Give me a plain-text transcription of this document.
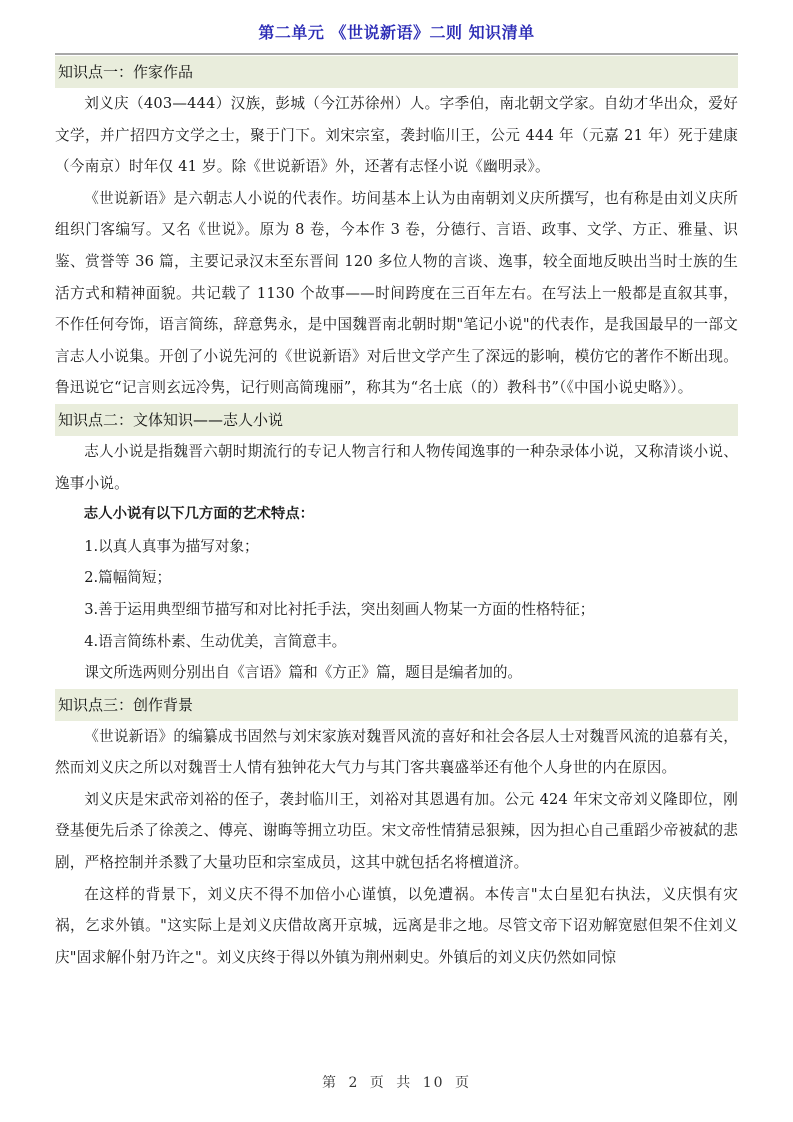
第二单元 《世说新语》二则 知识清单
知识点一：作家作品

刘义庆（403—444）汉族，彭城（今江苏徐州）人。字季伯，南北朝文学家。自幼才华出众，爱好文学，并广招四方文学之士，聚于门下。刘宋宗室，袭封临川王，公元 444 年（元嘉 21 年）死于建康（今南京）时年仅 41 岁。除《世说新语》外，还著有志怪小说《幽明录》。

《世说新语》是六朝志人小说的代表作。坊间基本上认为由南朝刘义庆所撰写，也有称是由刘义庆所组织门客编写。又名《世说》。原为 8 卷，今本作 3 卷，分德行、言语、政事、文学、方正、雅量、识鉴、赏誉等 36 篇，主要记录汉末至东晋间 120 多位人物的言谈、逸事，较全面地反映出当时士族的生活方式和精神面貌。共记载了 1130 个故事——时间跨度在三百年左右。在写法上一般都是直叙其事，不作任何夸饰，语言简练，辞意隽永，是中国魏晋南北朝时期"笔记小说"的代表作，是我国最早的一部文言志人小说集。开创了小说先河的《世说新语》对后世文学产生了深远的影响，模仿它的著作不断出现。鲁迅说它“记言则玄远冷隽，记行则高简瑰丽”，称其为“名士底（的）教科书”（《中国小说史略》）。

知识点二：文体知识——志人小说

志人小说是指魏晋六朝时期流行的专记人物言行和人物传闻逸事的一种杂录体小说，又称清谈小说、逸事小说。

志人小说有以下几方面的艺术特点：

1.以真人真事为描写对象；

2.篇幅简短；

3.善于运用典型细节描写和对比衬托手法，突出刻画人物某一方面的性格特征；

4.语言简练朴素、生动优美，言简意丰。

课文所选两则分别出自《言语》篇和《方正》篇，题目是编者加的。

知识点三：创作背景

《世说新语》的编纂成书固然与刘宋家族对魏晋风流的喜好和社会各层人士对魏晋风流的追慕有关，然而刘义庆之所以对魏晋士人情有独钟花大气力与其门客共襄盛举还有他个人身世的内在原因。

刘义庆是宋武帝刘裕的侄子，袭封临川王，刘裕对其恩遇有加。公元 424 年宋文帝刘义隆即位，刚登基便先后杀了徐羡之、傅亮、谢晦等拥立功臣。宋文帝性情猜忌狠辣，因为担心自己重蹈少帝被弑的悲剧，严格控制并杀戮了大量功臣和宗室成员，这其中就包括名将檀道济。

在这样的背景下，刘义庆不得不加倍小心谨慎，以免遭祸。本传言"太白星犯右执法，义庆惧有灾祸，乞求外镇。"这实际上是刘义庆借故离开京城，远离是非之地。尽管文帝下诏劝解宽慰但架不住刘义庆"固求解仆射乃许之"。刘义庆终于得以外镇为荆州刺史。外镇后的刘义庆仍然如同惊

第 2 页 共 10 页
